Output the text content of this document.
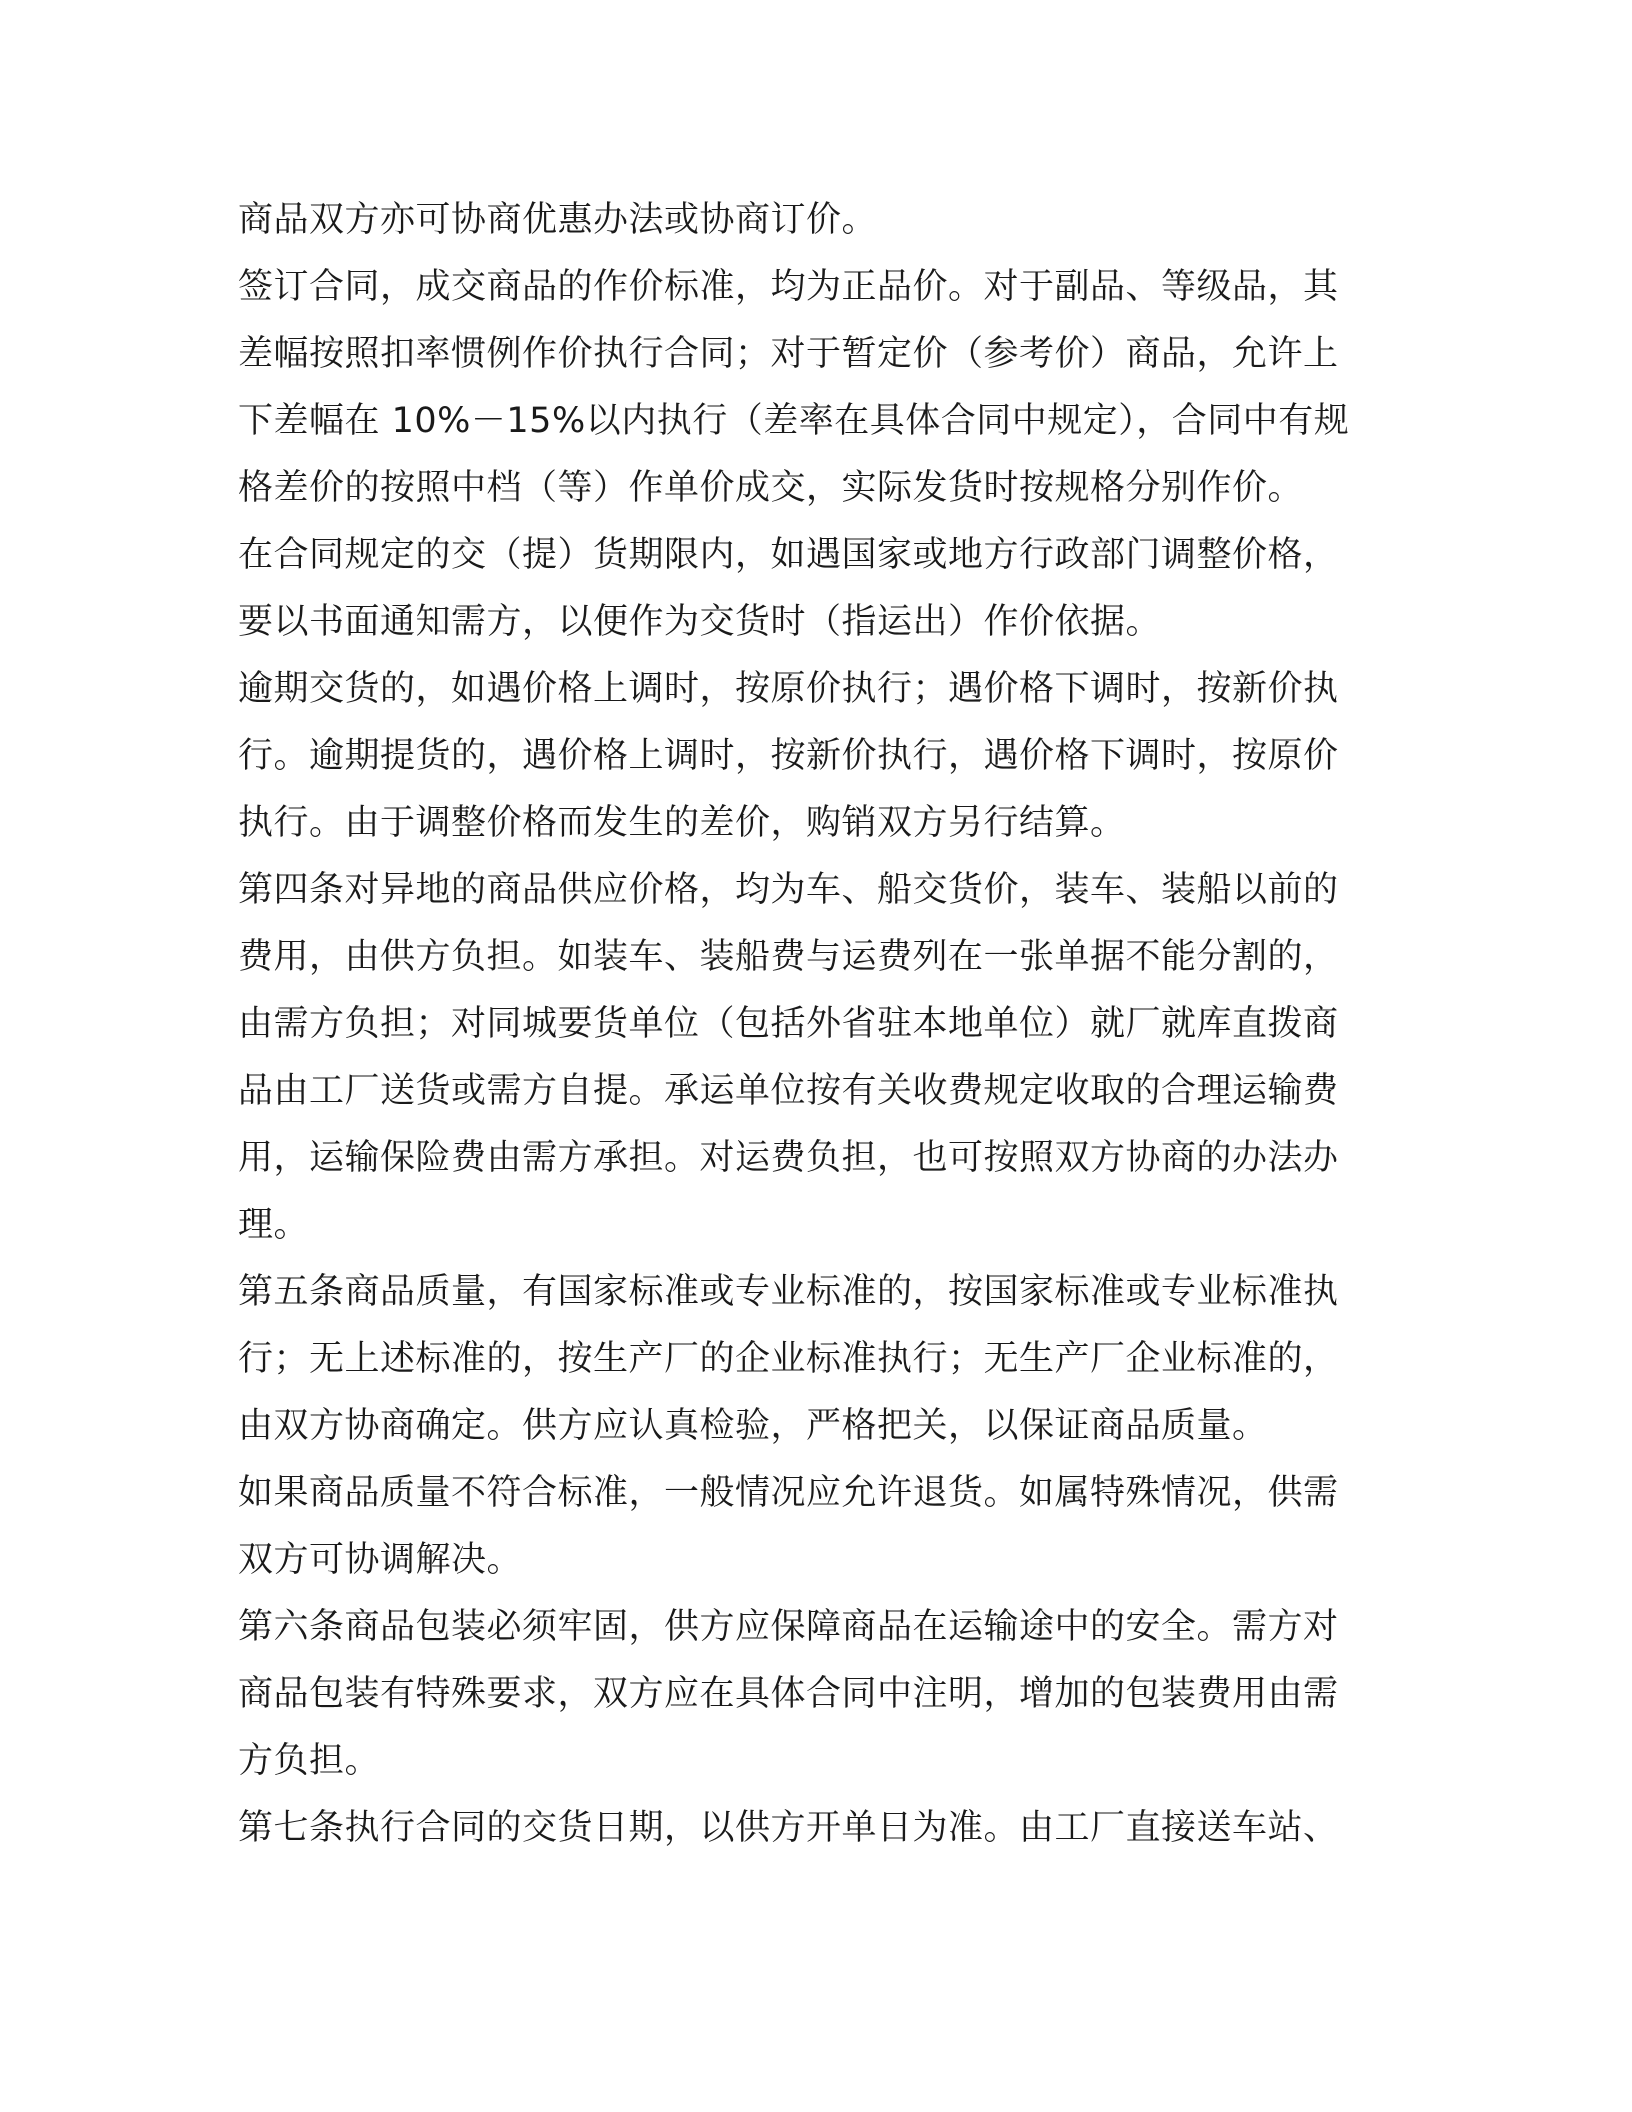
商品双方亦可协商优惠办法或协商订价。
签订合同，成交商品的作价标准，均为正品价。对于副品、等级品，其
差幅按照扣率惯例作价执行合同；对于暂定价（参考价）商品，允许上
下差幅在 10%－15%以内执行（差率在具体合同中规定），合同中有规
格差价的按照中档（等）作单价成交，实际发货时按规格分别作价。
在合同规定的交（提）货期限内，如遇国家或地方行政部门调整价格，
要以书面通知需方，以便作为交货时（指运出）作价依据。
逾期交货的，如遇价格上调时，按原价执行；遇价格下调时，按新价执
行。逾期提货的，遇价格上调时，按新价执行，遇价格下调时，按原价
执行。由于调整价格而发生的差价，购销双方另行结算。
第四条对异地的商品供应价格，均为车、船交货价，装车、装船以前的
费用，由供方负担。如装车、装船费与运费列在一张单据不能分割的，
由需方负担；对同城要货单位（包括外省驻本地单位）就厂就库直拨商
品由工厂送货或需方自提。承运单位按有关收费规定收取的合理运输费
用，运输保险费由需方承担。对运费负担，也可按照双方协商的办法办
理。
第五条商品质量，有国家标准或专业标准的，按国家标准或专业标准执
行；无上述标准的，按生产厂的企业标准执行；无生产厂企业标准的，
由双方协商确定。供方应认真检验，严格把关，以保证商品质量。
如果商品质量不符合标准，一般情况应允许退货。如属特殊情况，供需
双方可协调解决。
第六条商品包装必须牢固，供方应保障商品在运输途中的安全。需方对
商品包装有特殊要求，双方应在具体合同中注明，增加的包装费用由需
方负担。
第七条执行合同的交货日期，以供方开单日为准。由工厂直接送车站、
